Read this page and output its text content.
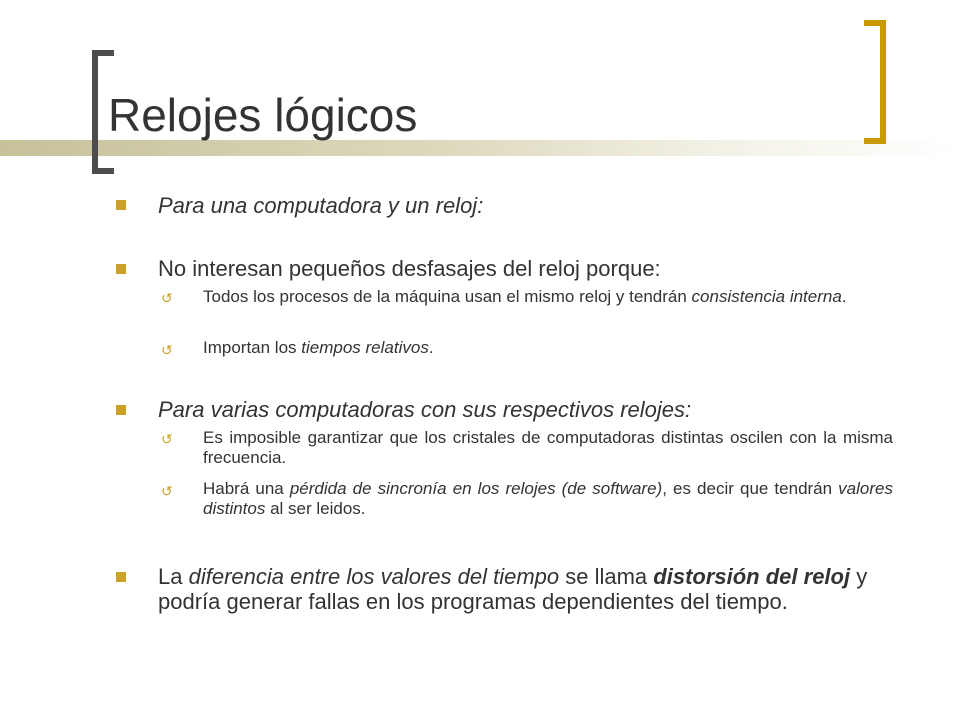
Relojes lógicos
Para una computadora y un reloj:
No interesan pequeños desfasajes del reloj porque:
↺ Todos los procesos de la máquina usan el mismo reloj y tendrán consistencia interna.
↺ Importan los tiempos relativos.
Para varias computadoras con sus respectivos relojes:
↺ Es imposible garantizar que los cristales de computadoras distintas oscilen con la misma frecuencia.
↺ Habrá una pérdida de sincronía en los relojes (de software), es decir que tendrán valores distintos al ser leidos.
La diferencia entre los valores del tiempo se llama distorsión del reloj y podría generar fallas en los programas dependientes del tiempo.
